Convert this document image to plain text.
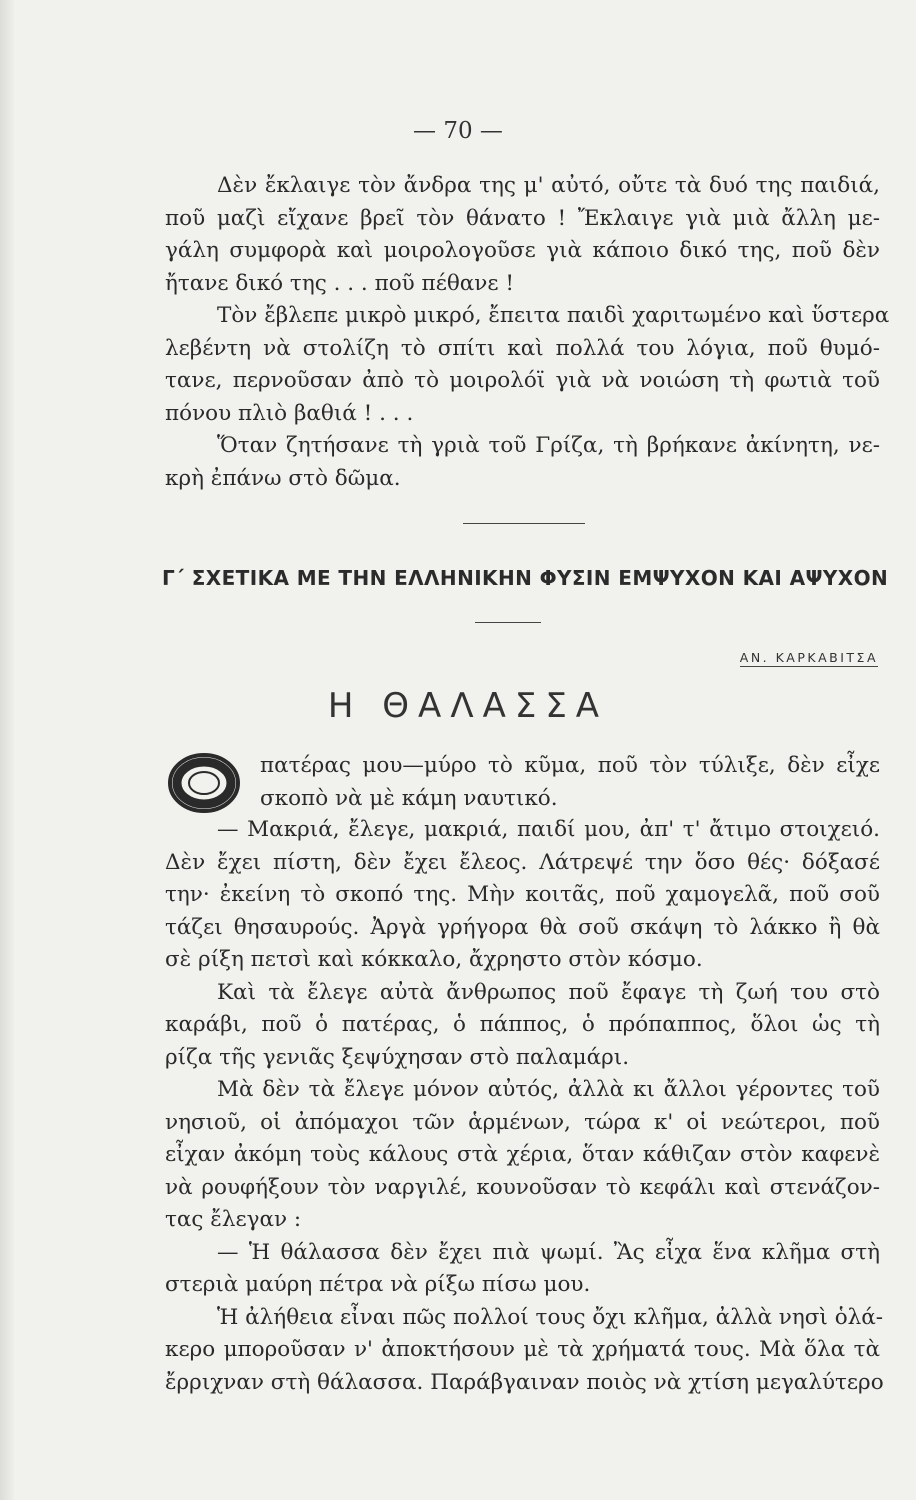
— 70 —
Δὲν ἔκλαιγε τὸν ἄνδρα της μ' αὐτό, οὔτε τὰ δυό της παιδιά,
ποῦ μαζὶ εἴχανε βρεῖ τὸν θάνατο ! Ἔκλαιγε γιὰ μιὰ ἄλλη με-
γάλη συμφορὰ καὶ μοιρολογοῦσε γιὰ κάποιο δικό της, ποῦ δὲν
ἤτανε δικό της . . . ποῦ πέθανε !
Τὸν ἔβλεπε μικρὸ μικρό, ἔπειτα παιδὶ χαριτωμένο καὶ ὕστερα
λεβέντη νὰ στολίζη τὸ σπίτι καὶ πολλά του λόγια, ποῦ θυμό-
τανε, περνοῦσαν ἀπὸ τὸ μοιρολόϊ γιὰ νὰ νοιώση τὴ φωτιὰ τοῦ
πόνου πλιὸ βαθιά ! . . .
Ὅταν ζητήσανε τὴ γριὰ τοῦ Γρίζα, τὴ βρήκανε ἀκίνητη, νε-
κρὴ ἐπάνω στὸ δῶμα.
Γ΄ ΣΧΕΤΙΚΑ ΜΕ ΤΗΝ ΕΛΛΗΝΙΚΗΝ ΦΥΣΙΝ ΕΜΨΥΧΟΝ ΚΑΙ ΑΨΥΧΟΝ
ΑΝ. ΚΑΡΚΑΒΙΤΣΑ
Η ΘΑΛΑΣΣΑ
πατέρας μου—μύρο τὸ κῦμα, ποῦ τὸν τύλιξε, δὲν εἶχε
σκοπὸ νὰ μὲ κάμη ναυτικό.
— Μακριά, ἔλεγε, μακριά, παιδί μου, ἀπ' τ' ἄτιμο στοιχειό.
Δὲν ἔχει πίστη, δὲν ἔχει ἔλεος. Λάτρεψέ την ὅσο θές· δόξασέ
την· ἐκείνη τὸ σκοπό της. Μὴν κοιτᾶς, ποῦ χαμογελᾶ, ποῦ σοῦ
τάζει θησαυρούς. Ἀργὰ γρήγορα θὰ σοῦ σκάψη τὸ λάκκο ἢ θὰ
σὲ ρίξη πετσὶ καὶ κόκκαλο, ἄχρηστο στὸν κόσμο.
Καὶ τὰ ἔλεγε αὐτὰ ἄνθρωπος ποῦ ἔφαγε τὴ ζωή του στὸ
καράβι, ποῦ ὁ πατέρας, ὁ πάππος, ὁ πρόπαππος, ὅλοι ὡς τὴ
ρίζα τῆς γενιᾶς ξεψύχησαν στὸ παλαμάρι.
Μὰ δὲν τὰ ἔλεγε μόνον αὐτός, ἀλλὰ κι ἄλλοι γέροντες τοῦ
νησιοῦ, οἱ ἀπόμαχοι τῶν ἁρμένων, τώρα κ' οἱ νεώτεροι, ποῦ
εἶχαν ἀκόμη τοὺς κάλους στὰ χέρια, ὅταν κάθιζαν στὸν καφενὲ
νὰ ρουφήξουν τὸν ναργιλέ, κουνοῦσαν τὸ κεφάλι καὶ στενάζον-
τας ἔλεγαν :
— Ἡ θάλασσα δὲν ἔχει πιὰ ψωμί. Ἂς εἶχα ἕνα κλῆμα στὴ
στεριὰ μαύρη πέτρα νὰ ρίξω πίσω μου.
Ἡ ἀλήθεια εἶναι πῶς πολλοί τους ὄχι κλῆμα, ἀλλὰ νησὶ ὁλά-
κερο μποροῦσαν ν' ἀποκτήσουν μὲ τὰ χρήματά τους. Μὰ ὅλα τὰ
ἔρριχναν στὴ θάλασσα. Παράβγαιναν ποιὸς νὰ χτίση μεγαλύτερο
